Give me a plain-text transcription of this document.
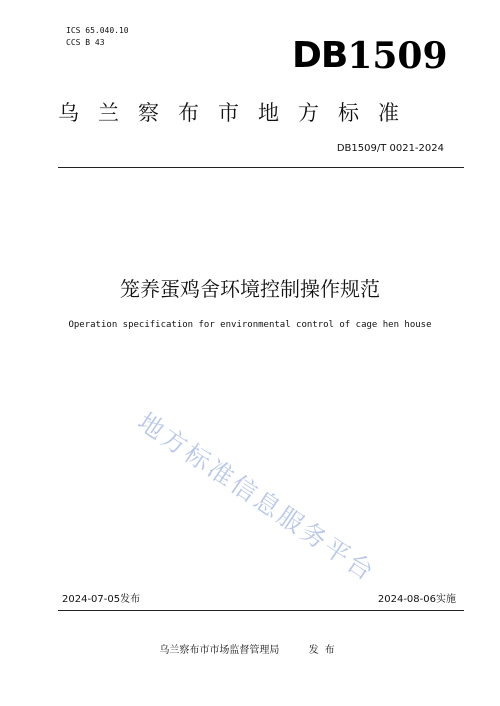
ICS 65.040.10
CCS B 43	DB 1509
乌兰察布市地方标准
DB1509/T 0021-2024
笼养蛋鸡舍环境控制操作规范
Operation specification for environmental control of cage hen house
地方标准信息服务平台
2024-07-05发布	2024-08-06实施
乌兰察布市市场监督管理局	发布
